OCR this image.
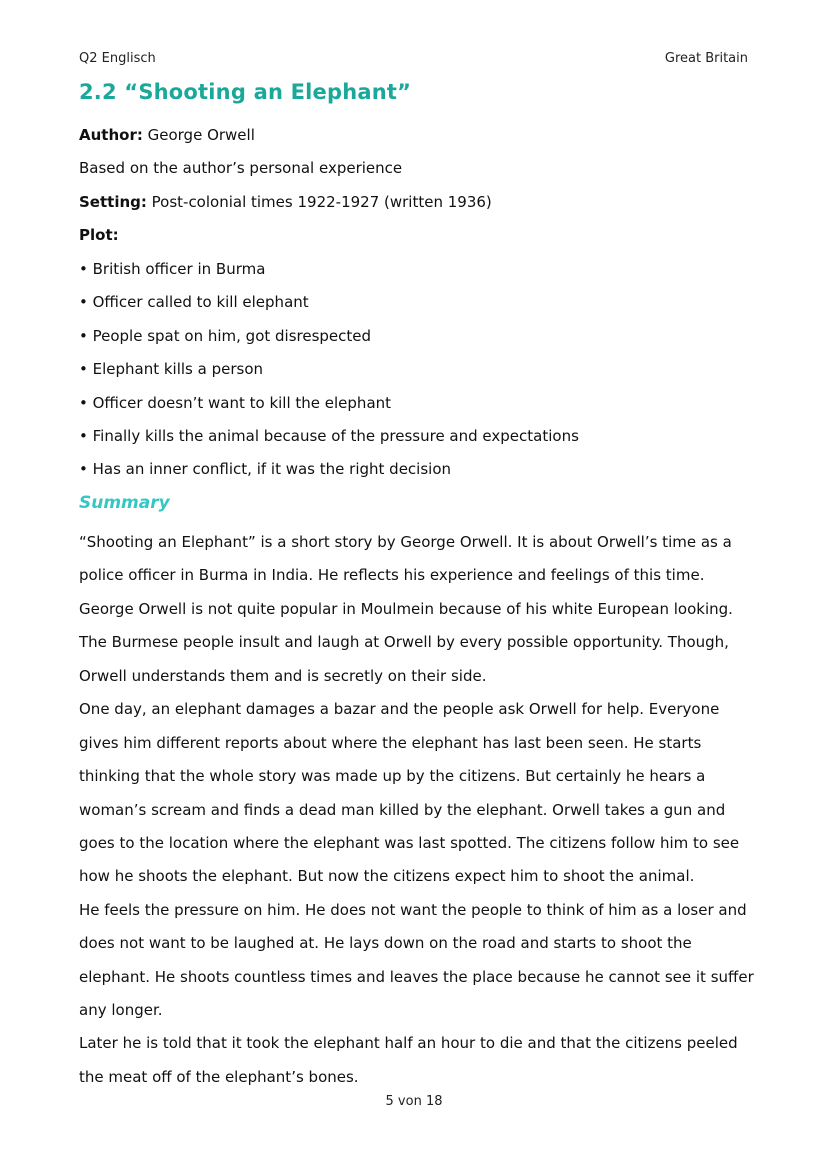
Q2 Englisch	Great Britain
2.2 “Shooting an Elephant”
Author: George Orwell
Based on the author’s personal experience
Setting: Post-colonial times 1922-1927 (written 1936)
Plot:
• British officer in Burma
• Officer called to kill elephant
• People spat on him, got disrespected
• Elephant kills a person
• Officer doesn’t want to kill the elephant
• Finally kills the animal because of the pressure and expectations
• Has an inner conflict, if it was the right decision
Summary
“Shooting an Elephant” is a short story by George Orwell. It is about Orwell’s time as a
police officer in Burma in India. He reflects his experience and feelings of this time.
George Orwell is not quite popular in Moulmein because of his white European looking.
The Burmese people insult and laugh at Orwell by every possible opportunity. Though,
Orwell understands them and is secretly on their side.
One day, an elephant damages a bazar and the people ask Orwell for help. Everyone
gives him different reports about where the elephant has last been seen. He starts
thinking that the whole story was made up by the citizens. But certainly he hears a
woman’s scream and finds a dead man killed by the elephant. Orwell takes a gun and
goes to the location where the elephant was last spotted. The citizens follow him to see
how he shoots the elephant. But now the citizens expect him to shoot the animal.
He feels the pressure on him. He does not want the people to think of him as a loser and
does not want to be laughed at. He lays down on the road and starts to shoot the
elephant. He shoots countless times and leaves the place because he cannot see it suffer
any longer.
Later he is told that it took the elephant half an hour to die and that the citizens peeled
the meat off of the elephant’s bones.
5 von 18
